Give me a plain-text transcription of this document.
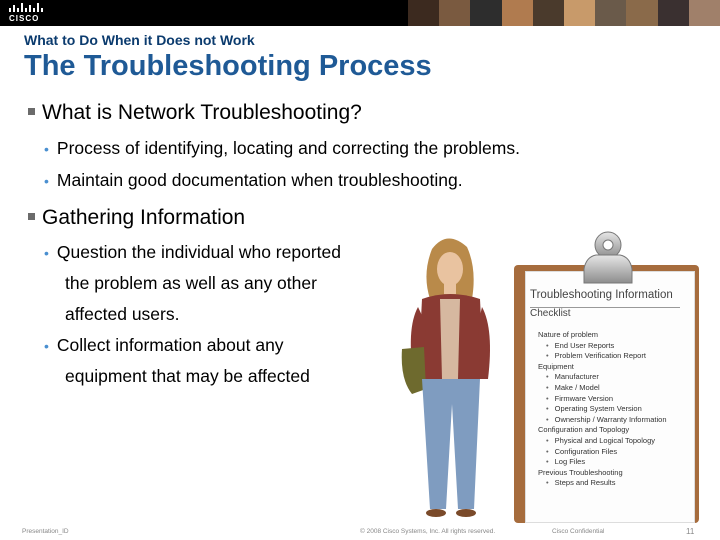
CISCO
What to Do When it Does not Work
The Troubleshooting Process
What is Network Troubleshooting?
• Process of identifying, locating and correcting the problems.
• Maintain good documentation when troubleshooting.
Gathering Information
• Question the individual who reported
the problem as well as any other
affected users.
• Collect information about any
equipment that may be affected
Troubleshooting Information
Checklist
Nature of problem
• End User Reports
• Problem Verification Report
Equipment
• Manufacturer
• Make / Model
• Firmware Version
• Operating System Version
• Ownership / Warranty Information
Configuration and Topology
• Physical and Logical Topology
• Configuration Files
• Log Files
Previous Troubleshooting
• Steps and Results
Presentation_ID	© 2008 Cisco Systems, Inc. All rights reserved.	Cisco Confidential	11
